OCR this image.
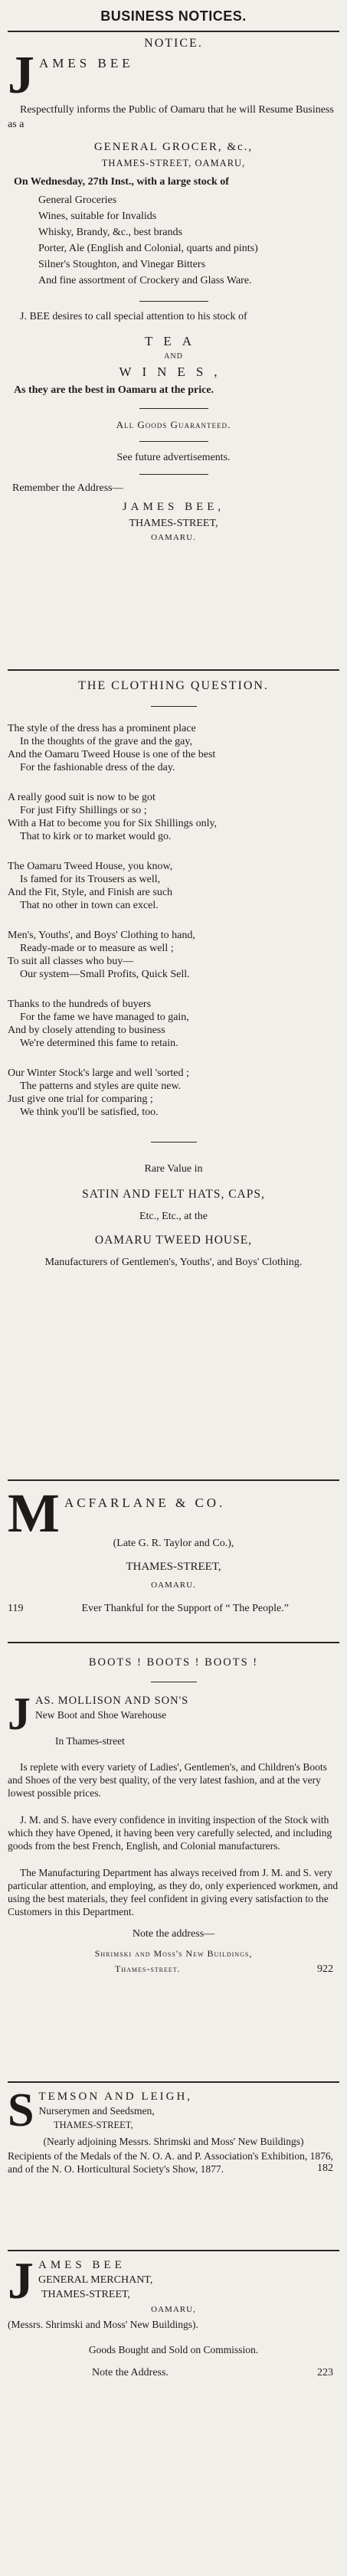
BUSINESS NOTICES.
NOTICE.
J AMES BEE
Respectfully informs the Public of Oamaru that he will Resume Business as a
GENERAL GROCER, &c.,
THAMES-STREET, OAMARU,
On Wednesday, 27th Inst., with a large stock of
General Groceries
Wines, suitable for Invalids
Whisky, Brandy, &c., best brands
Porter, Ale (English and Colonial, quarts and pints)
Silner's Stoughton, and Vinegar Bitters
And fine assortment of Crockery and Glass Ware.
J. BEE desires to call special attention to his stock of
TEA
AND
WINES,
As they are the best in Oamaru at the price.
All Goods Guaranteed.
See future advertisements.
Remember the Address—
JAMES BEE,
THAMES-STREET,
OAMARU.
THE CLOTHING QUESTION.
The style of the dress has a prominent place
In the thoughts of the grave and the gay,
And the Oamaru Tweed House is one of the best
For the fashionable dress of the day.
A really good suit is now to be got
For just Fifty Shillings or so ;
With a Hat to become you for Six Shillings only,
That to kirk or to market would go.
The Oamaru Tweed House, you know,
Is famed for its Trousers as well,
And the Fit, Style, and Finish are such
That no other in town can excel.
Men's, Youths', and Boys' Clothing to hand,
Ready-made or to measure as well ;
To suit all classes who buy—
Our system—Small Profits, Quick Sell.
Thanks to the hundreds of buyers
For the fame we have managed to gain,
And by closely attending to business
We're determined this fame to retain.
Our Winter Stock's large and well 'sorted ;
The patterns and styles are quite new.
Just give one trial for comparing ;
We think you'll be satisfied, too.
Rare Value in
SATIN AND FELT HATS, CAPS,
Etc., Etc., at the
OAMARU TWEED HOUSE,
Manufacturers of Gentlemen's, Youths', and Boys' Clothing.
M ACFARLANE & CO.
(Late G. R. Taylor and Co.),
THAMES-STREET,
OAMARU.
119	Ever Thankful for the Support of “ The People.”
BOOTS ! BOOTS ! BOOTS !
J AS. MOLLISON AND SON'S
New Boot and Shoe Warehouse
In Thames-street
Is replete with every variety of Ladies', Gentlemen's, and Children's Boots and Shoes of the very best quality, of the very latest fashion, and at the very lowest possible prices.
J. M. and S. have every confidence in inviting inspection of the Stock with which they have Opened, it having been very carefully selected, and including goods from the best French, English, and Colonial manufacturers.
The Manufacturing Department has always received from J. M. and S. very particular attention, and employing, as they do, only experienced workmen, and using the best materials, they feel confident in giving every satisfaction to the Customers in this Department.
Note the address—
Shrimski and Moss's New Buildings,
Thames-street.	922
S TEMSON AND LEIGH,
Nurserymen and Seedsmen,
THAMES-STREET,
(Nearly adjoining Messrs. Shrimski and Moss' New Buildings)
Recipients of the Medals of the N. O. A. and P. Association's Exhibition, 1876, and of the N. O. Horticultural Society's Show, 1877.	182
J AMES BEE
GENERAL MERCHANT,
THAMES-STREET,
OAMARU,
(Messrs. Shrimski and Moss' New Buildings).
Goods Bought and Sold on Commission.
Note the Address.	223
